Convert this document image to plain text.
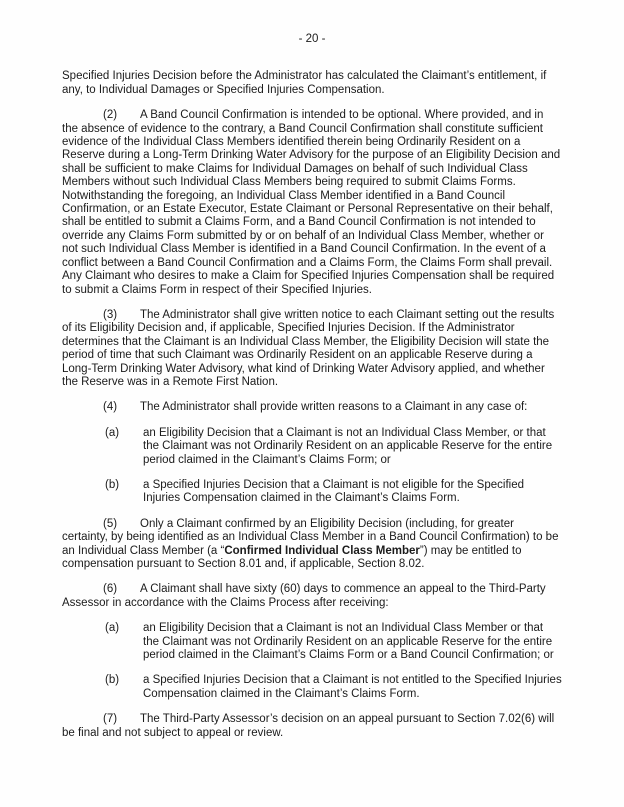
- 20 -

Specified Injuries Decision before the Administrator has calculated the Claimant’s entitlement, if any, to Individual Damages or Specified Injuries Compensation.

(2) A Band Council Confirmation is intended to be optional. Where provided, and in the absence of evidence to the contrary, a Band Council Confirmation shall constitute sufficient evidence of the Individual Class Members identified therein being Ordinarily Resident on a Reserve during a Long-Term Drinking Water Advisory for the purpose of an Eligibility Decision and shall be sufficient to make Claims for Individual Damages on behalf of such Individual Class Members without such Individual Class Members being required to submit Claims Forms. Notwithstanding the foregoing, an Individual Class Member identified in a Band Council Confirmation, or an Estate Executor, Estate Claimant or Personal Representative on their behalf, shall be entitled to submit a Claims Form, and a Band Council Confirmation is not intended to override any Claims Form submitted by or on behalf of an Individual Class Member, whether or not such Individual Class Member is identified in a Band Council Confirmation. In the event of a conflict between a Band Council Confirmation and a Claims Form, the Claims Form shall prevail. Any Claimant who desires to make a Claim for Specified Injuries Compensation shall be required to submit a Claims Form in respect of their Specified Injuries.

(3) The Administrator shall give written notice to each Claimant setting out the results of its Eligibility Decision and, if applicable, Specified Injuries Decision. If the Administrator determines that the Claimant is an Individual Class Member, the Eligibility Decision will state the period of time that such Claimant was Ordinarily Resident on an applicable Reserve during a Long-Term Drinking Water Advisory, what kind of Drinking Water Advisory applied, and whether the Reserve was in a Remote First Nation.

(4) The Administrator shall provide written reasons to a Claimant in any case of:

(a)	an Eligibility Decision that a Claimant is not an Individual Class Member, or that the Claimant was not Ordinarily Resident on an applicable Reserve for the entire period claimed in the Claimant’s Claims Form; or
(b)	a Specified Injuries Decision that a Claimant is not eligible for the Specified Injuries Compensation claimed in the Claimant’s Claims Form.

(5) Only a Claimant confirmed by an Eligibility Decision (including, for greater certainty, by being identified as an Individual Class Member in a Band Council Confirmation) to be an Individual Class Member (a “Confirmed Individual Class Member”) may be entitled to compensation pursuant to Section 8.01 and, if applicable, Section 8.02.

(6) A Claimant shall have sixty (60) days to commence an appeal to the Third-Party Assessor in accordance with the Claims Process after receiving:

(a)	an Eligibility Decision that a Claimant is not an Individual Class Member or that the Claimant was not Ordinarily Resident on an applicable Reserve for the entire period claimed in the Claimant’s Claims Form or a Band Council Confirmation; or
(b)	a Specified Injuries Decision that a Claimant is not entitled to the Specified Injuries Compensation claimed in the Claimant’s Claims Form.

(7) The Third-Party Assessor’s decision on an appeal pursuant to Section 7.02(6) will be final and not subject to appeal or review.
